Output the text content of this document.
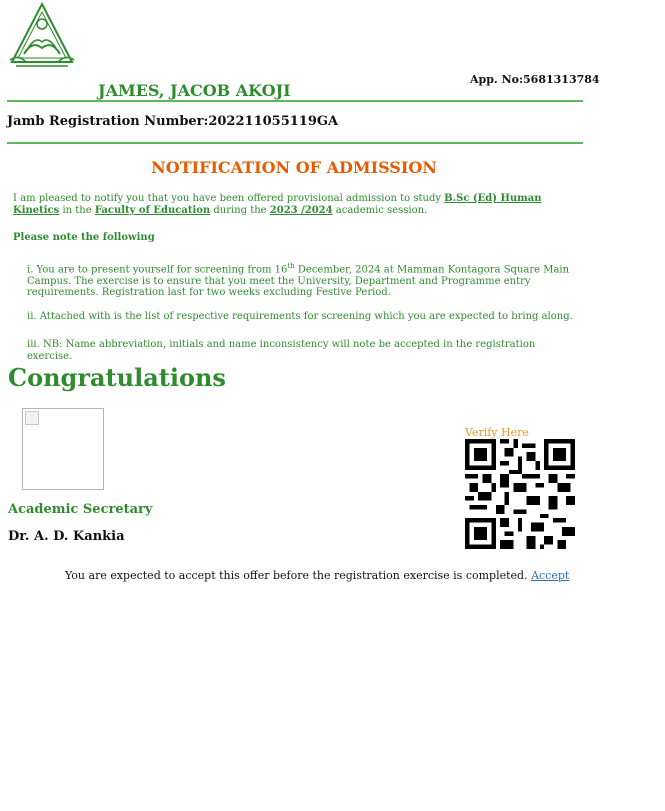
JAMES, JACOB AKOJI
App. No:5681313784
Jamb Registration Number:202211055119GA
NOTIFICATION OF ADMISSION
I am pleased to notify you that you have been offered provisional admission to study B.Sc (Ed) Human Kinetics in the Faculty of Education during the 2023 /2024 academic session.
Please note the following
i. You are to present yourself for screening from 16th December, 2024 at Mamman Kontagora Square Main Campus. The exercise is to ensure that you meet the University, Department and Programme entry requirements. Registration last for two weeks excluding Festive Period.
ii. Attached with is the list of respective requirements for screening which you are expected to bring along.
iii. NB: Name abbreviation, initials and name inconsistency will note be accepted in the registration exercise.
Congratulations
Academic Secretary
Dr. A. D. Kankia
Verify Here
You are expected to accept this offer before the registration exercise is completed. Accept
